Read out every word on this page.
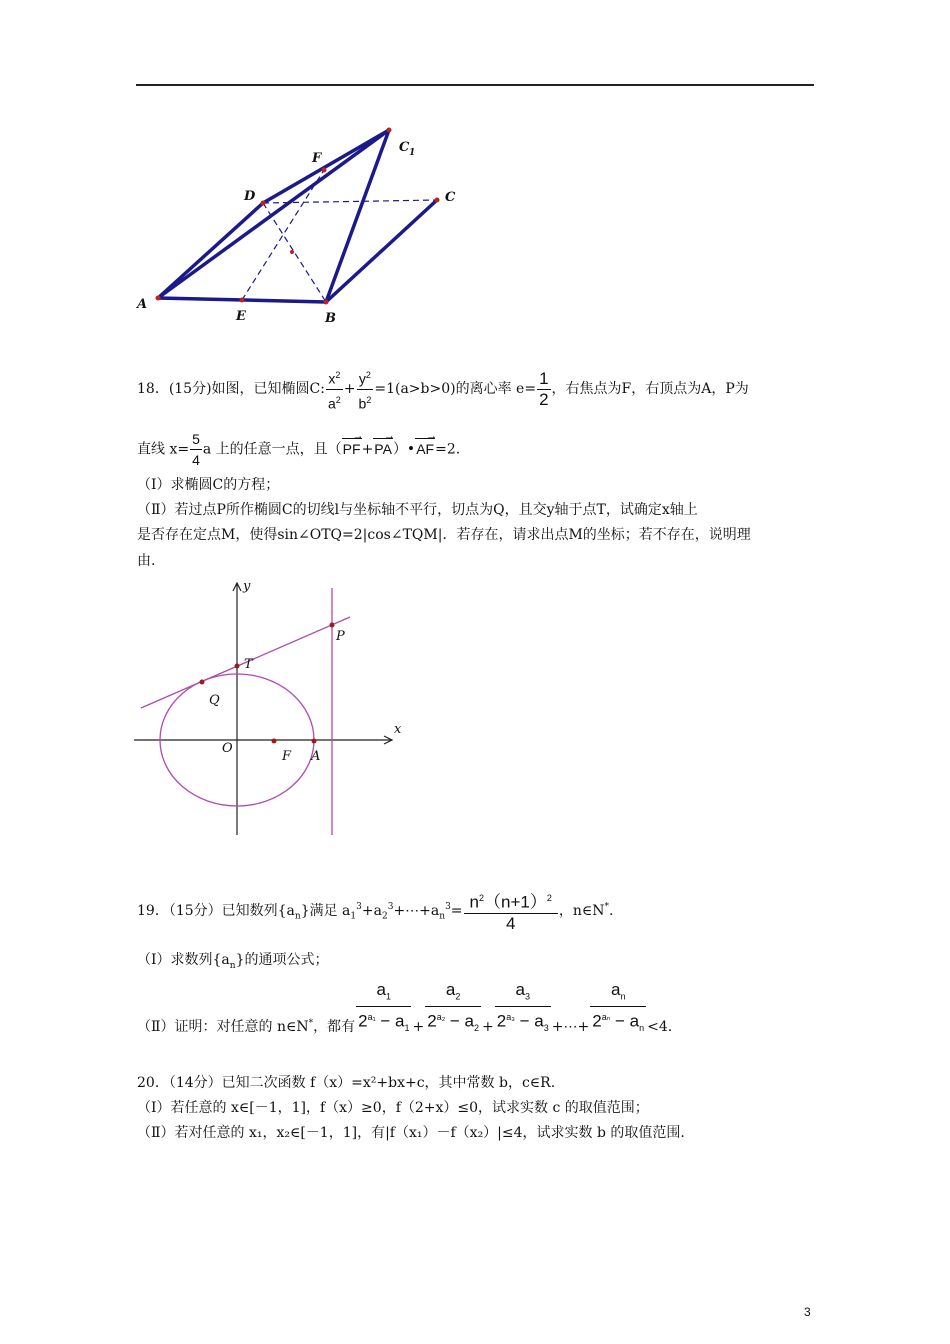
A
E	B
D	C
F
C 1
18．(15分)如图，已知椭圆C: $\frac{x^2}{a^2} + \frac{y^2}{b^2} =1(a>b>0)$的离心率 $e= \frac{1}{2}$ ，右焦点为F，右顶点为A，P为
直线 $x= \frac{5}{4}$ a 上的任意一点，且（PF →+PA →）•AF →=2.
（Ⅰ）求椭圆C的方程；
（Ⅱ）若过点P所作椭圆C的切线l与坐标轴不平行，切点为Q，且交y轴于点T，试确定x轴上
是否存在定点M，使得sin∠OTQ=2|cos∠TQM|．若存在，请求出点M的坐标；若不存在，说明理
由.
y
x
O
F A
P
T
Q
19．（15分）已知数列$\{a_n\}$满足 $a_1^3+a_2^3+\cdots+a_n^3= \frac{n^2(n+1)^2}{4}$ ，n∈N*.
（Ⅰ）求数列$\{a_n\}$的通项公式；
（Ⅱ）证明：对任意的 n∈N*，都有 $\frac{a_1}{2^{a_1} - a_1} + \frac{a_2}{2^{a_2} - a_2} + \frac{a_3}{2^{a_3} - a_3}$ +⋯+ $\frac{a_n}{2^{a_n} - a_n} <4$.
20．（14分）已知二次函数 f（x）=x²+bx+c，其中常数 b，c∈R.
（Ⅰ）若任意的 x∈[－1，1]，f（x）≥0，f（2+x）≤0，试求实数 c 的取值范围；
（Ⅱ）若对任意的 x₁，x₂∈[－1，1]，有|f（x₁）－f（x₂）|≤4，试求实数 b 的取值范围.
3
